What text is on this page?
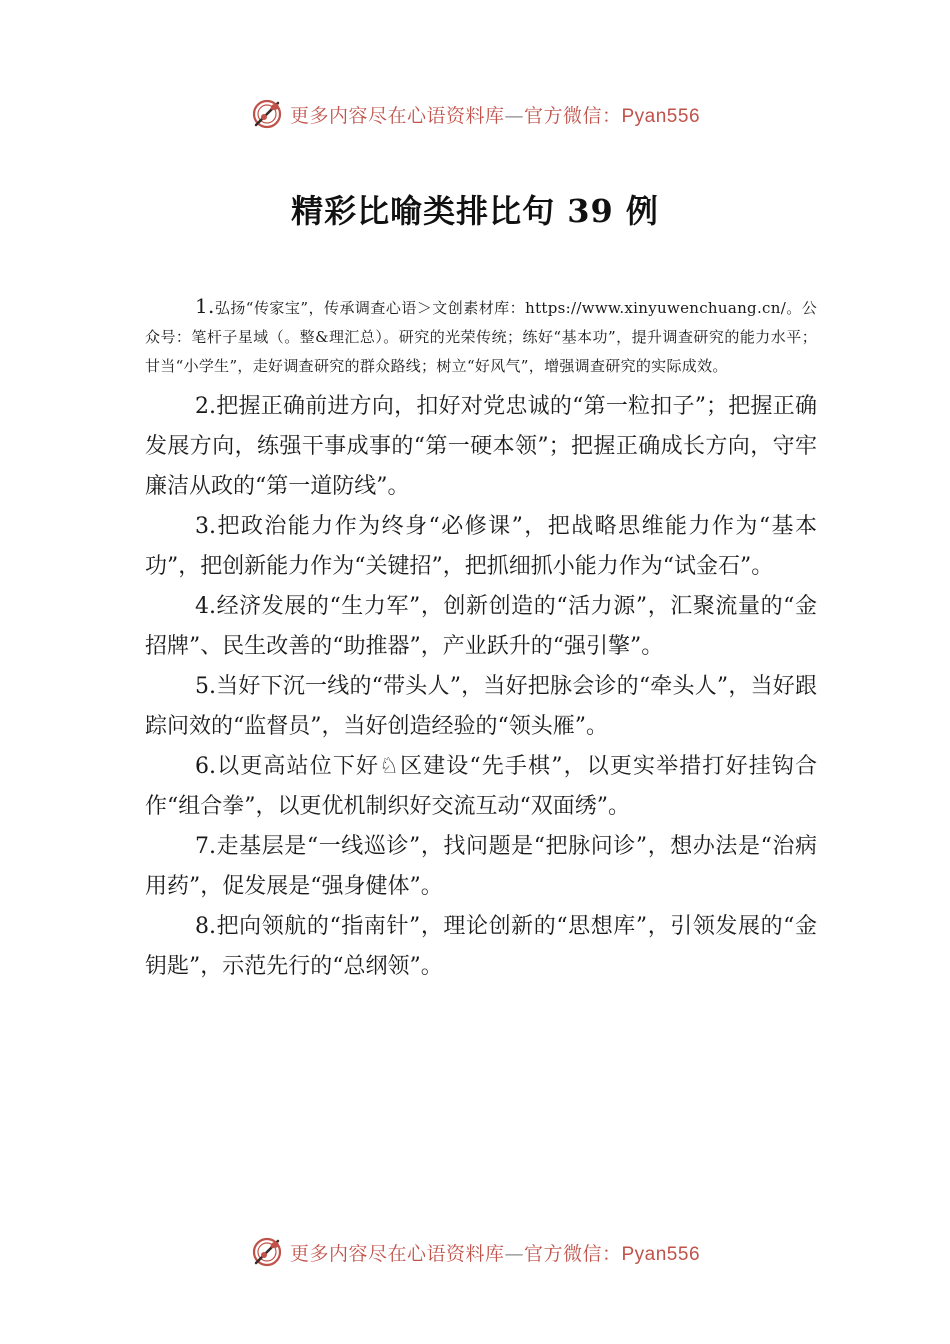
更多内容尽在心语资料库—官方微信：Pyan556
精彩比喻类排比句 39 例

1.弘扬“传家宝”，传承调查心语＞文创素材库：https://www.xinyuwenchuang.cn/。公众号：笔杆子星域（。整&理汇总）。研究的光荣传统；练好“基本功”，提升调查研究的能力水平；甘当“小学生”，走好调查研究的群众路线；树立“好风气”，增强调查研究的实际成效。

2.把握正确前进方向，扣好对党忠诚的“第一粒扣子”；把握正确发展方向，练强干事成事的“第一硬本领”；把握正确成长方向，守牢廉洁从政的“第一道防线”。

3.把政治能力作为终身“必修课”，把战略思维能力作为“基本功”，把创新能力作为“关键招”，把抓细抓小能力作为“试金石”。

4.经济发展的“生力军”，创新创造的“活力源”，汇聚流量的“金招牌”、民生改善的“助推器”，产业跃升的“强引擎”。

5.当好下沉一线的“带头人”，当好把脉会诊的“牵头人”，当好跟踪问效的“监督员”，当好创造经验的“领头雁”。

6.以更高站位下好♘区建设“先手棋”，以更实举措打好挂钩合作“组合拳”，以更优机制织好交流互动“双面绣”。

7.走基层是“一线巡诊”，找问题是“把脉问诊”，想办法是“治病用药”，促发展是“强身健体”。

8.把向领航的“指南针”，理论创新的“思想库”，引领发展的“金钥匙”，示范先行的“总纲领”。

更多内容尽在心语资料库—官方微信：Pyan556
